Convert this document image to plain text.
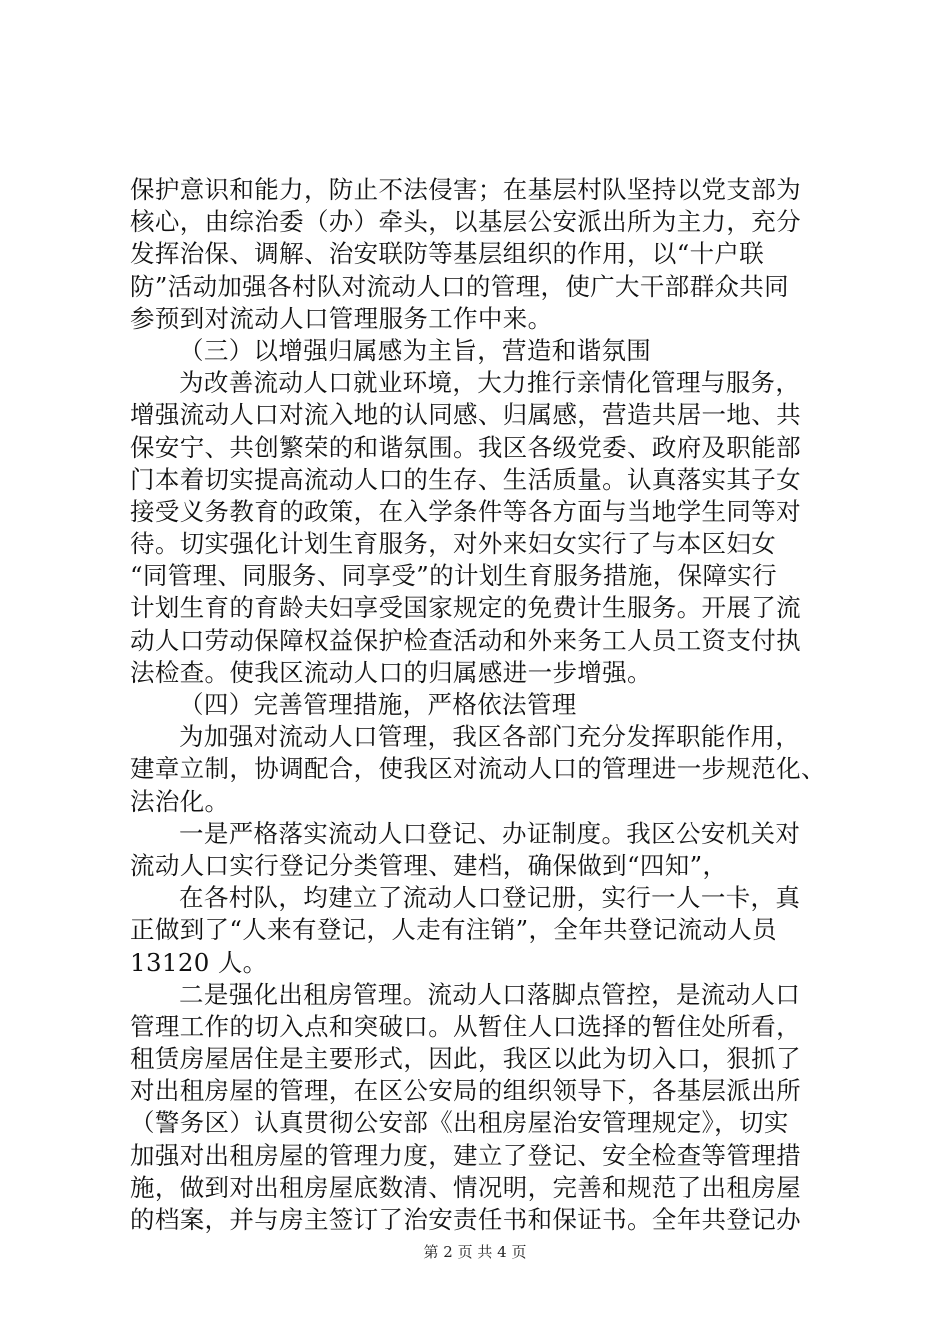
保护意识和能力，防止不法侵害；在基层村队坚持以党支部为
核心，由综治委（办）牵头，以基层公安派出所为主力，充分
发挥治保、调解、治安联防等基层组织的作用，以“十户联
防”活动加强各村队对流动人口的管理，使广大干部群众共同
参预到对流动人口管理服务工作中来。
（三）以增强归属感为主旨，营造和谐氛围
为改善流动人口就业环境，大力推行亲情化管理与服务，
增强流动人口对流入地的认同感、归属感，营造共居一地、共
保安宁、共创繁荣的和谐氛围。我区各级党委、政府及职能部
门本着切实提高流动人口的生存、生活质量。认真落实其子女
接受义务教育的政策，在入学条件等各方面与当地学生同等对
待。切实强化计划生育服务，对外来妇女实行了与本区妇女
“同管理、同服务、同享受”的计划生育服务措施，保障实行
计划生育的育龄夫妇享受国家规定的免费计生服务。开展了流
动人口劳动保障权益保护检查活动和外来务工人员工资支付执
法检查。使我区流动人口的归属感进一步增强。
（四）完善管理措施，严格依法管理
为加强对流动人口管理，我区各部门充分发挥职能作用，
建章立制，协调配合，使我区对流动人口的管理进一步规范化、
法治化。
一是严格落实流动人口登记、办证制度。我区公安机关对
流动人口实行登记分类管理、建档，确保做到“四知”，
在各村队，均建立了流动人口登记册，实行一人一卡，真
正做到了“人来有登记，人走有注销”，全年共登记流动人员
13120 人。
二是强化出租房管理。流动人口落脚点管控，是流动人口
管理工作的切入点和突破口。从暂住人口选择的暂住处所看，
租赁房屋居住是主要形式，因此，我区以此为切入口，狠抓了
对出租房屋的管理，在区公安局的组织领导下，各基层派出所
（警务区）认真贯彻公安部《出租房屋治安管理规定》，切实
加强对出租房屋的管理力度，建立了登记、安全检查等管理措
施，做到对出租房屋底数清、情况明，完善和规范了出租房屋
的档案，并与房主签订了治安责任书和保证书。全年共登记办
第 2 页 共 4 页
